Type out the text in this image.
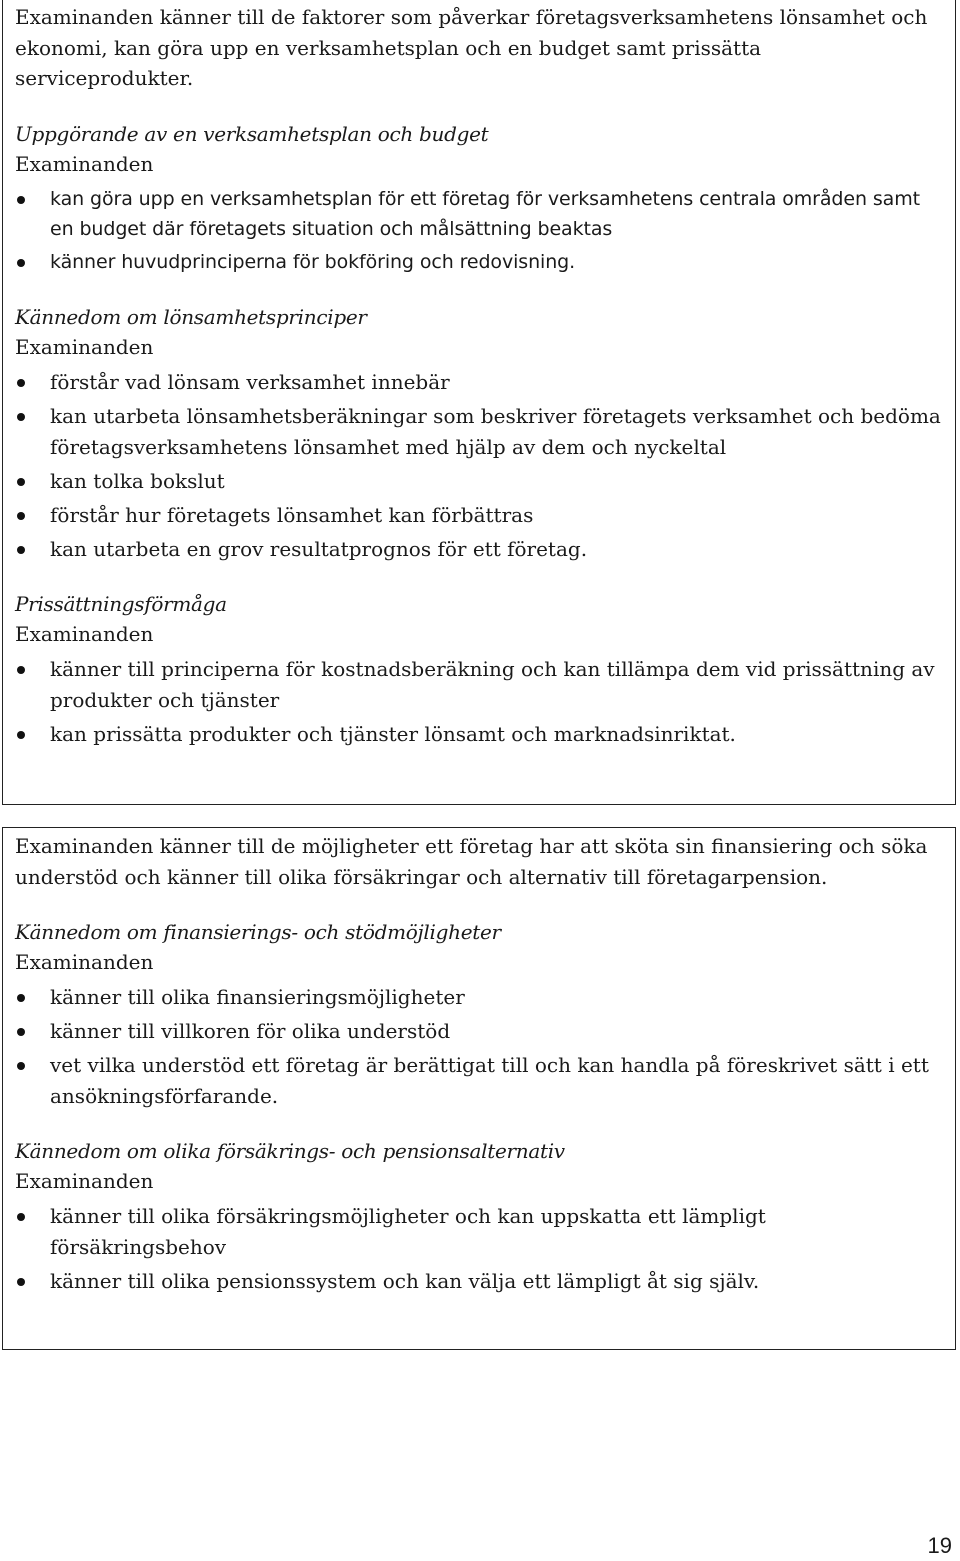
Examinanden känner till de faktorer som påverkar företagsverksamhetens lönsamhet och ekonomi, kan göra upp en verksamhetsplan och en budget samt prissätta serviceprodukter.

Uppgörande av en verksamhetsplan och budget

Examinanden

kan göra upp en verksamhetsplan för ett företag för verksamhetens centrala områden samt en budget där företagets situation och målsättning beaktas
känner huvudprinciperna för bokföring och redovisning.

Kännedom om lönsamhetsprinciper

Examinanden

förstår vad lönsam verksamhet innebär
kan utarbeta lönsamhetsberäkningar som beskriver företagets verksamhet och bedöma företagsverksamhetens lönsamhet med hjälp av dem och nyckeltal
kan tolka bokslut
förstår hur företagets lönsamhet kan förbättras
kan utarbeta en grov resultatprognos för ett företag.

Prissättningsförmåga

Examinanden

känner till principerna för kostnadsberäkning och kan tillämpa dem vid prissättning av produkter och tjänster
kan prissätta produkter och tjänster lönsamt och marknadsinriktat.

Examinanden känner till de möjligheter ett företag har att sköta sin finansiering och söka understöd och känner till olika försäkringar och alternativ till företagarpension.

Kännedom om finansierings- och stödmöjligheter

Examinanden

känner till olika finansieringsmöjligheter
känner till villkoren för olika understöd
vet vilka understöd ett företag är berättigat till och kan handla på föreskrivet sätt i ett ansökningsförfarande.

Kännedom om olika försäkrings- och pensionsalternativ

Examinanden

känner till olika försäkringsmöjligheter och kan uppskatta ett lämpligt försäkringsbehov
känner till olika pensionssystem och kan välja ett lämpligt åt sig själv.
19
